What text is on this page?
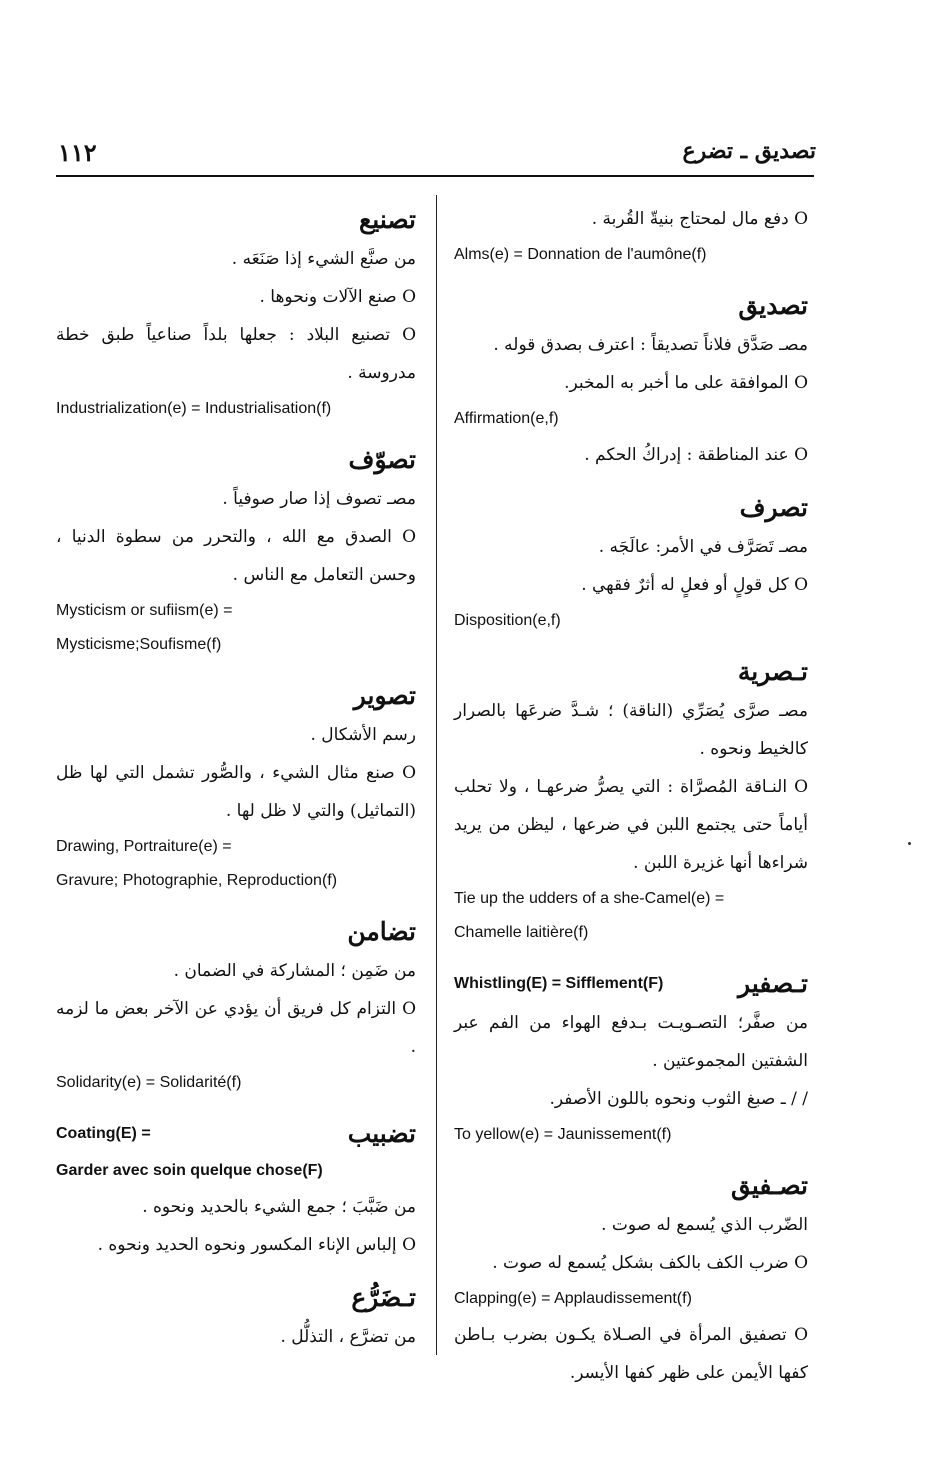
١١٢	تصديق ـ تضرع
تصنيع
من صنَّع الشيء إذا صَنَعَه .
O صنع الآلات ونحوها .
O تصنيع البلاد : جعلها بلداً صناعياً طبق خطة مدروسة .
Industrialization(e) = Industrialisation(f)
تصوّف
مصـ تصوف إذا صار صوفياً .
O الصدق مع الله ، والتحرر من سطوة الدنيا ، وحسن التعامل مع الناس .
Mysticism or sufiism(e) =
Mysticisme;Soufisme(f)
تصوير
رسم الأشكال .
O صنع مثال الشيء ، والصُّور تشمل التي لها ظل (التماثيل) والتي لا ظل لها .
Drawing, Portraiture(e) =
Gravure; Photographie, Reproduction(f)
تضامن
من ضَمِن ؛ المشاركة في الضمان .
O التزام كل فريق أن يؤدي عن الآخر بعض ما لزمه .
Solidarity(e) = Solidarité(f)
Coating(E) =	تضبيب
Garder avec soin quelque chose(F)
من ضَبَّبَ ؛ جمع الشيء بالحديد ونحوه .
O إلباس الإناء المكسور ونحوه الحديد ونحوه .
تـضَرُّع
من تضرَّع ، التذلُّل .
O دفع مال لمحتاج بنيةّ القُربة .
Alms(e) = Donnation de l'aumône(f)
تصديق
مصـ صَدَّق فلاناً تصديقاً : اعترف بصدق قوله .
O الموافقة على ما أخبر به المخبر.
Affirmation(e,f)
O عند المناطقة : إدراكُ الحكم .
تصرف
مصـ تَصَرَّف في الأمر: عالَجَه .
O كل قولٍ أو فعلٍ له أثرٌ فقهي .
Disposition(e,f)
تـصرية
مصـ صرَّى يُصَرِّي (الناقة) ؛ شـدَّ ضرعَها بالصرار كالخيط ونحوه .
O النـاقة المُصرَّاة : التي يصرُّ ضرعهـا ، ولا تحلب أياماً حتى يجتمع اللبن في ضرعها ، ليظن من يريد شراءها أنها غزيرة اللبن .
Tie up the udders of a she-Camel(e) =
Chamelle laitière(f)
Whistling(E) = Sifflement(F)	تـصفير
من صفَّر؛ التصـويـت بـدفع الهواء من الفم عبر الشفتين المجموعتين .
/ / ـ صبغ الثوب ونحوه باللون الأصفر.
To yellow(e) = Jaunissement(f)
تصـفيق
الضّرب الذي يُسمع له صوت .
O ضرب الكف بالكف بشكل يُسمع له صوت .
Clapping(e) = Applaudissement(f)
O تصفيق المرأة في الصـلاة يكـون بضرب بـاطن كفها الأيمن على ظهر كفها الأيسر.
